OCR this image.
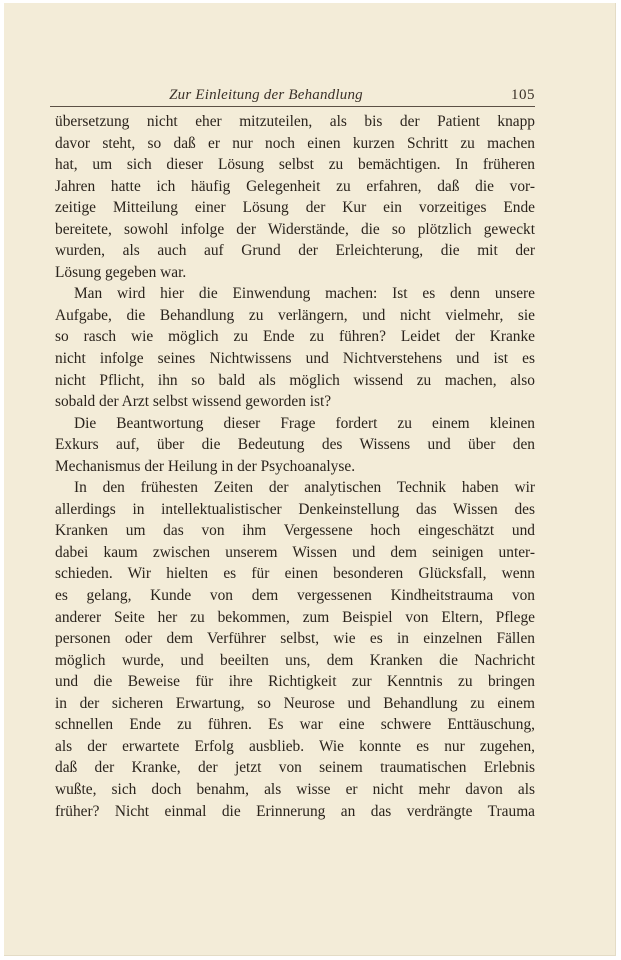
Zur Einleitung der Behandlung	105
übersetzung nicht eher mitzuteilen, als bis der Patient knapp
davor steht, so daß er nur noch einen kurzen Schritt zu machen
hat, um sich dieser Lösung selbst zu bemächtigen. In früheren
Jahren hatte ich häufig Gelegenheit zu erfahren, daß die vor-
zeitige Mitteilung einer Lösung der Kur ein vorzeitiges Ende
bereitete, sowohl infolge der Widerstände, die so plötzlich geweckt
wurden, als auch auf Grund der Erleichterung, die mit der
Lösung gegeben war.
Man wird hier die Einwendung machen: Ist es denn unsere
Aufgabe, die Behandlung zu verlängern, und nicht vielmehr, sie
so rasch wie möglich zu Ende zu führen? Leidet der Kranke
nicht infolge seines Nichtwissens und Nichtverstehens und ist es
nicht Pflicht, ihn so bald als möglich wissend zu machen, also
sobald der Arzt selbst wissend geworden ist?
Die Beantwortung dieser Frage fordert zu einem kleinen
Exkurs auf, über die Bedeutung des Wissens und über den
Mechanismus der Heilung in der Psychoanalyse.
In den frühesten Zeiten der analytischen Technik haben wir
allerdings in intellektualistischer Denkeinstellung das Wissen des
Kranken um das von ihm Vergessene hoch eingeschätzt und
dabei kaum zwischen unserem Wissen und dem seinigen unter-
schieden. Wir hielten es für einen besonderen Glücksfall, wenn
es gelang, Kunde von dem vergessenen Kindheitstrauma von
anderer Seite her zu bekommen, zum Beispiel von Eltern, Pflege
personen oder dem Verführer selbst, wie es in einzelnen Fällen
möglich wurde, und beeilten uns, dem Kranken die Nachricht
und die Beweise für ihre Richtigkeit zur Kenntnis zu bringen
in der sicheren Erwartung, so Neurose und Behandlung zu einem
schnellen Ende zu führen. Es war eine schwere Enttäuschung,
als der erwartete Erfolg ausblieb. Wie konnte es nur zugehen,
daß der Kranke, der jetzt von seinem traumatischen Erlebnis
wußte, sich doch benahm, als wisse er nicht mehr davon als
früher? Nicht einmal die Erinnerung an das verdrängte Trauma
